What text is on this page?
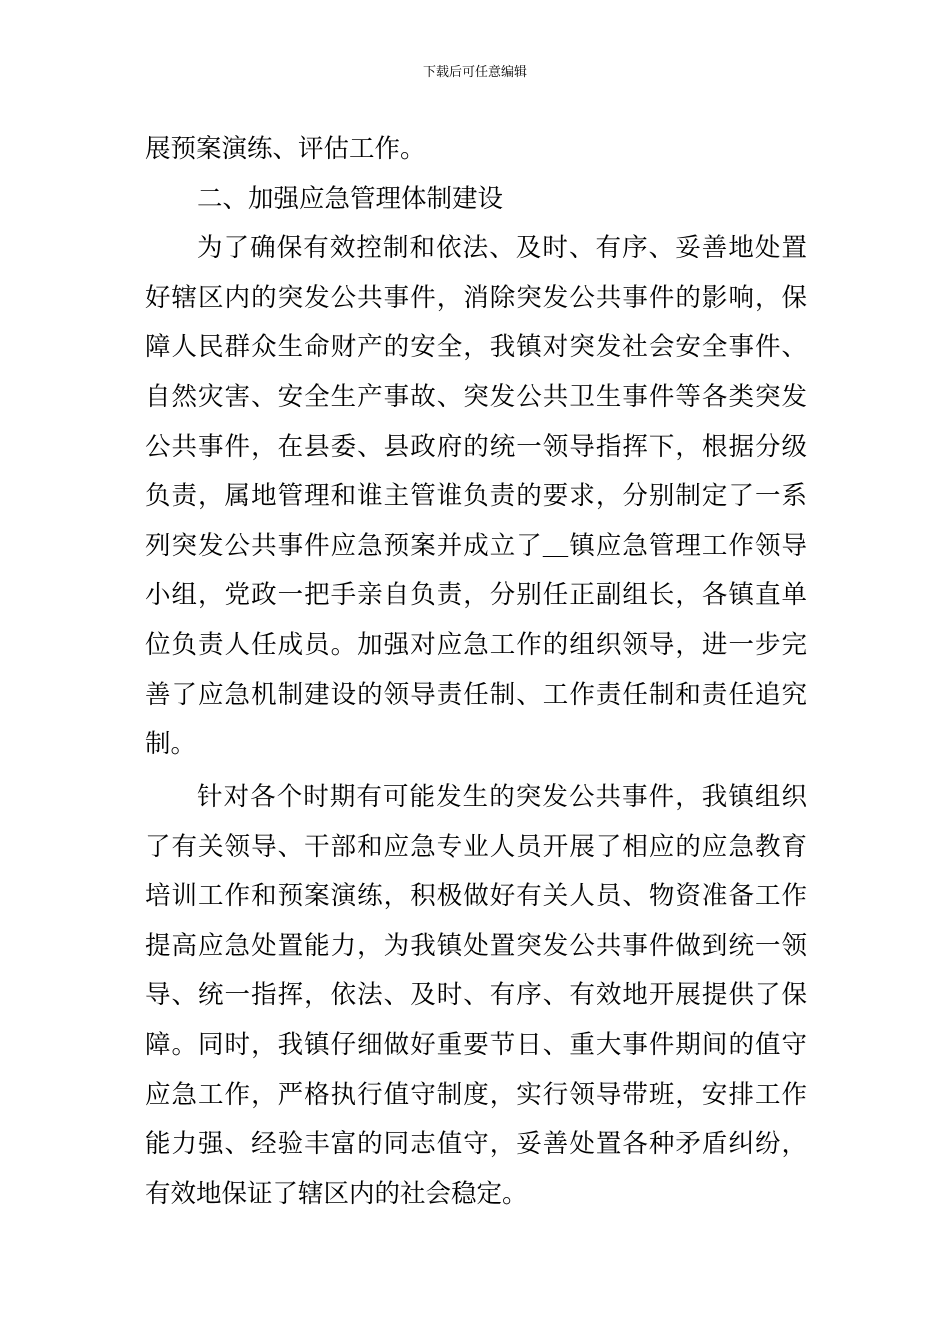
下载后可任意编辑
展预案演练、评估工作。
二、加强应急管理体制建设
为了确保有效控制和依法、及时、有序、妥善地处置
好辖区内的突发公共事件，消除突发公共事件的影响，保
障人民群众生命财产的安全，我镇对突发社会安全事件、
自然灾害、安全生产事故、突发公共卫生事件等各类突发
公共事件，在县委、县政府的统一领导指挥下，根据分级
负责，属地管理和谁主管谁负责的要求，分别制定了一系
列突发公共事件应急预案并成立了＿镇应急管理工作领导
小组，党政一把手亲自负责，分别任正副组长，各镇直单
位负责人任成员。加强对应急工作的组织领导，进一步完
善了应急机制建设的领导责任制、工作责任制和责任追究
制。
针对各个时期有可能发生的突发公共事件，我镇组织
了有关领导、干部和应急专业人员开展了相应的应急教育
培训工作和预案演练，积极做好有关人员、物资准备工作
提高应急处置能力，为我镇处置突发公共事件做到统一领
导、统一指挥，依法、及时、有序、有效地开展提供了保
障。同时，我镇仔细做好重要节日、重大事件期间的值守
应急工作，严格执行值守制度，实行领导带班，安排工作
能力强、经验丰富的同志值守，妥善处置各种矛盾纠纷，
有效地保证了辖区内的社会稳定。
